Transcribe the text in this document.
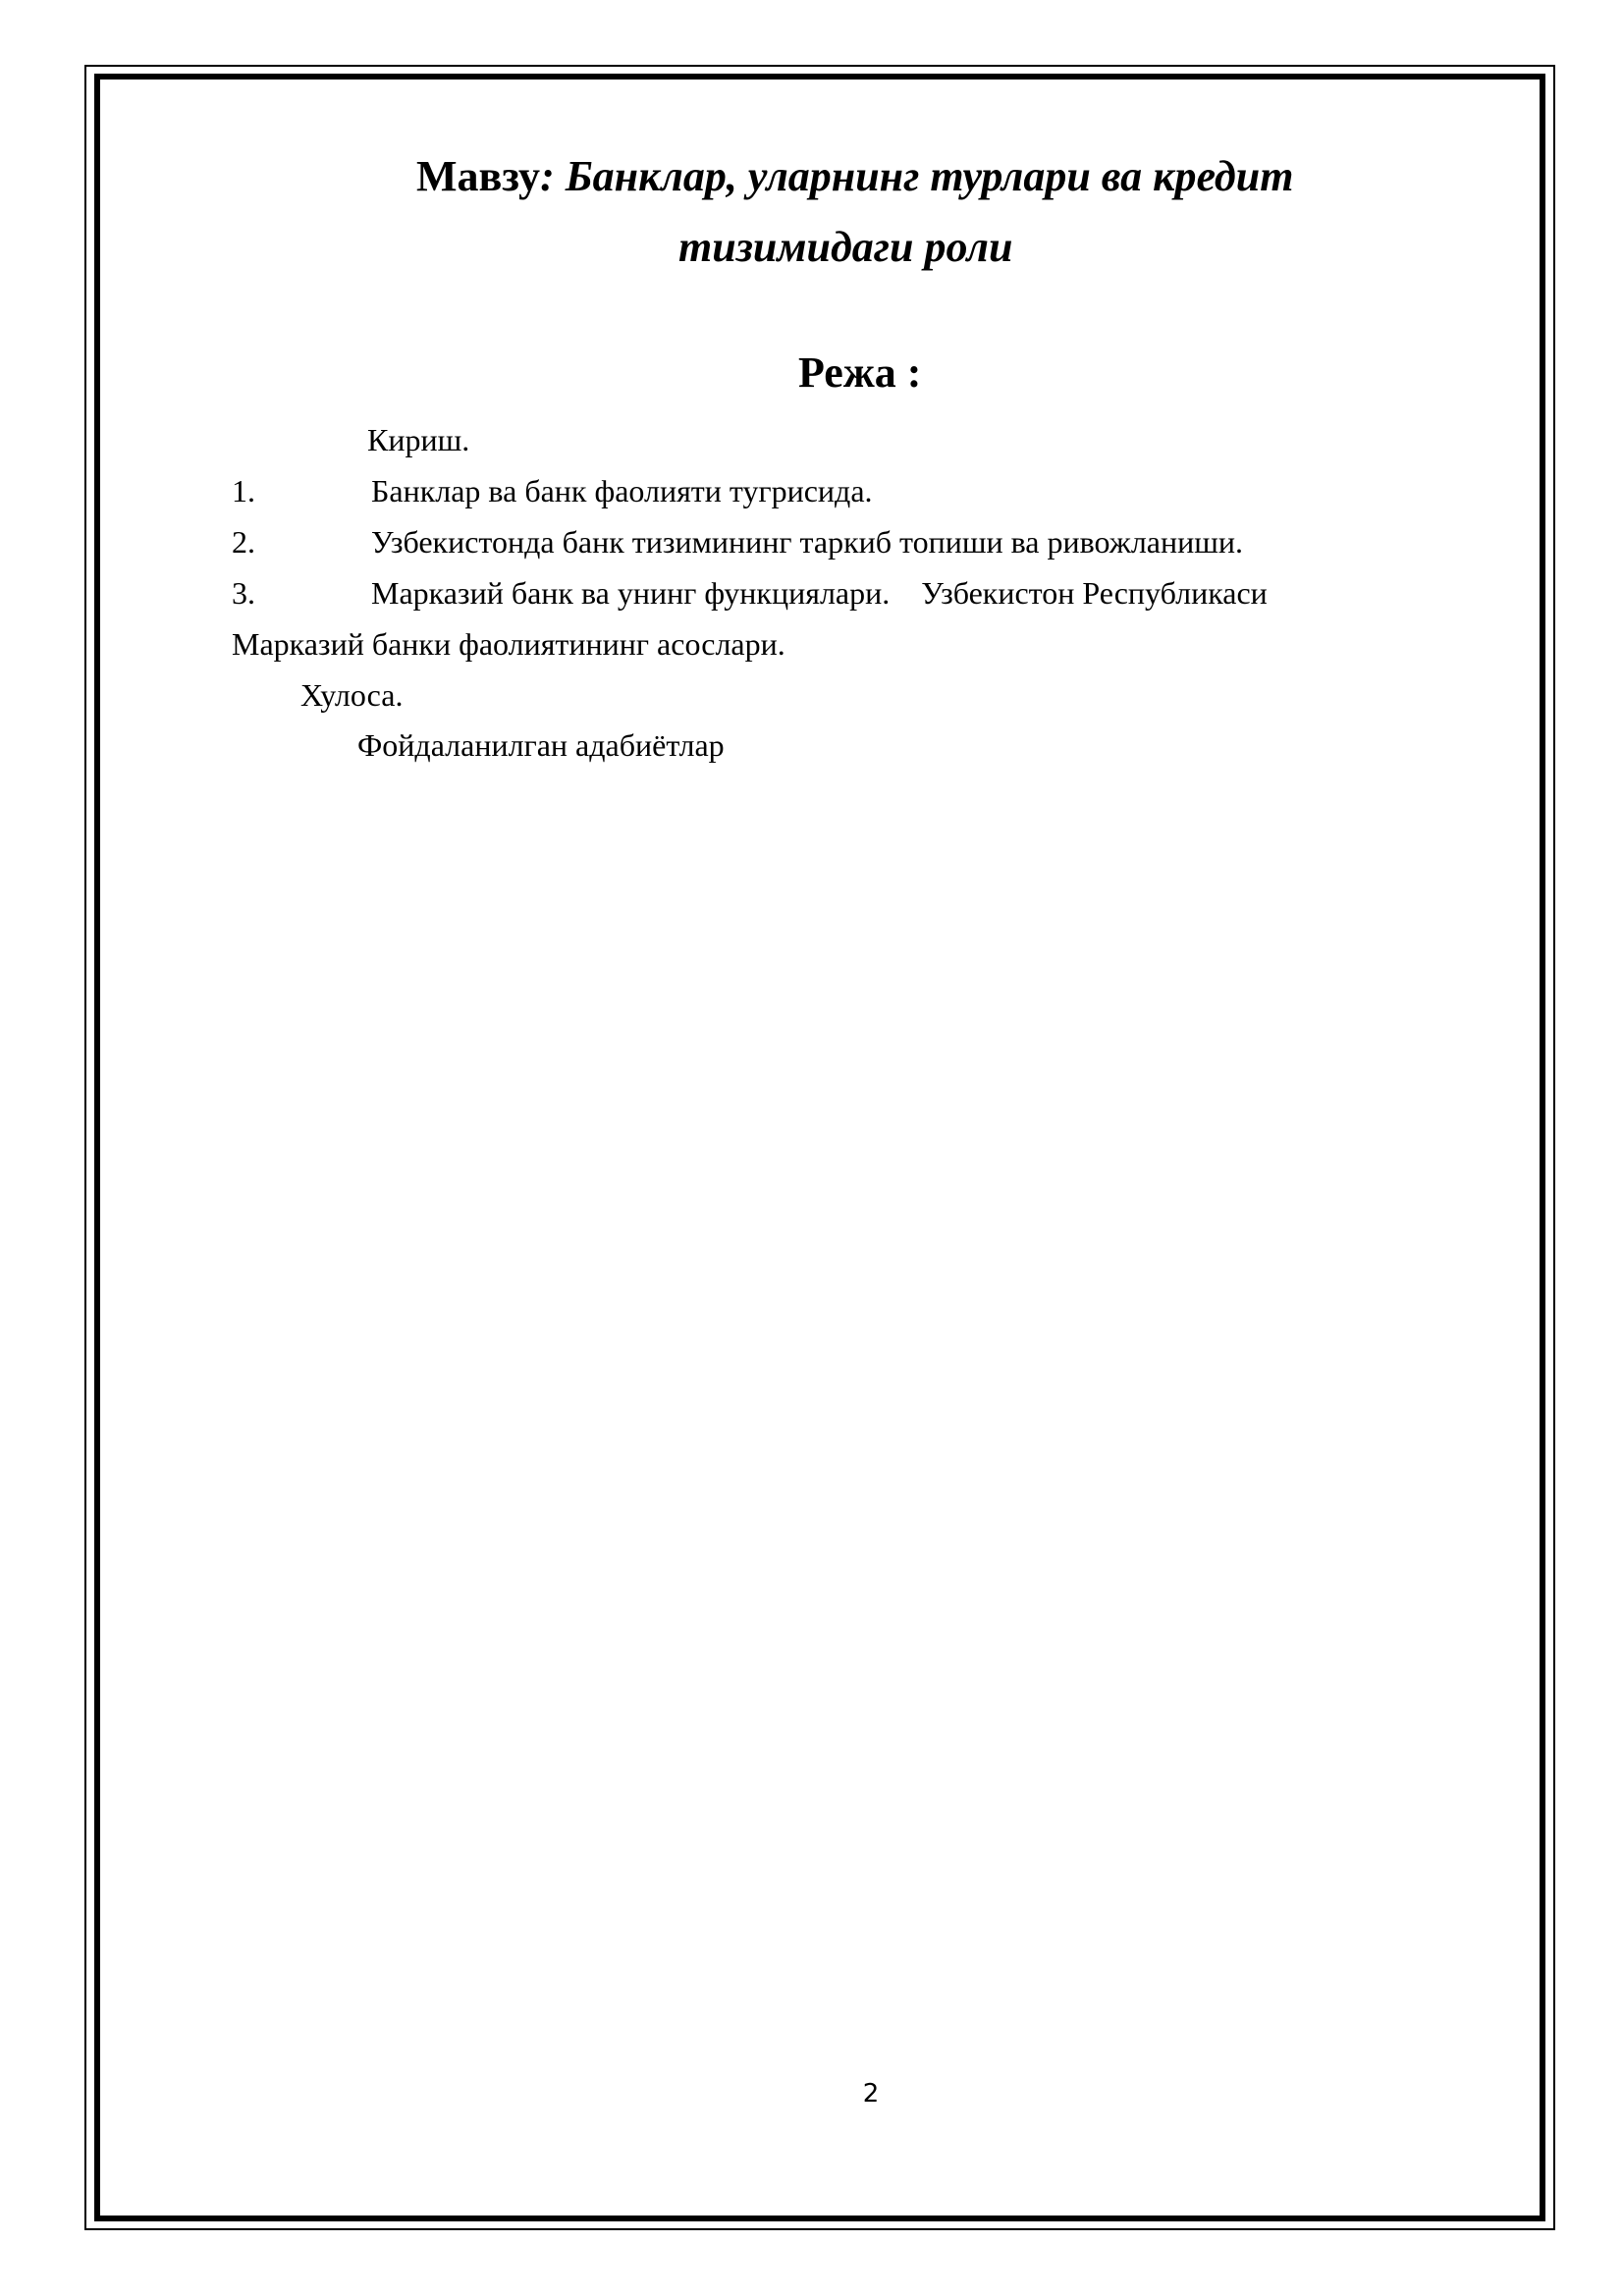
Мавзу: Банклар, уларнинг турлари ва кредит
тизимидаги роли
Режа :
Кириш.
1.	Банклар ва банк фаолияти тугрисида.
2.	Узбекистонда банк тизимининг таркиб топиши ва ривожланиши.
3.	Марказий банк ва унинг функциялари.    Узбекистон Республикаси
Марказий банки фаолиятининг асослари.
Хулоса.
Фойдаланилган адабиётлар
2
